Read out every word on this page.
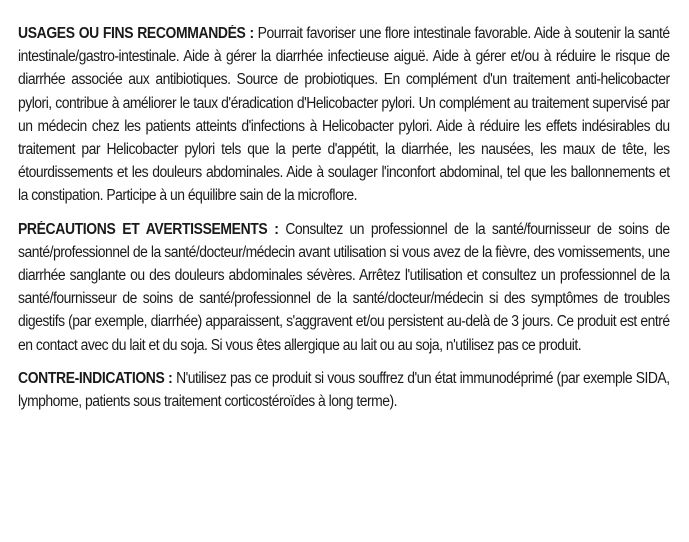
USAGES OU FINS RECOMMANDÉS : Pourrait favoriser une flore intestinale favorable. Aide à soutenir la santé intestinale/gastro-intestinale. Aide à gérer la diarrhée infectieuse aiguë. Aide à gérer et/ou à réduire le risque de diarrhée associée aux antibiotiques. Source de probiotiques. En complément d'un traitement anti-helicobacter pylori, contribue à améliorer le taux d'éradication d'Helicobacter pylori. Un complément au traitement supervisé par un médecin chez les patients atteints d'infections à Helicobacter pylori. Aide à réduire les effets indésirables du traitement par Helicobacter pylori tels que la perte d'appétit, la diarrhée, les nausées, les maux de tête, les étourdissements et les douleurs abdominales. Aide à soulager l'inconfort abdominal, tel que les ballonnements et la constipation. Participe à un équilibre sain de la microflore.

PRÉCAUTIONS ET AVERTISSEMENTS : Consultez un professionnel de la santé/fournisseur de soins de santé/professionnel de la santé/docteur/médecin avant utilisation si vous avez de la fièvre, des vomissements, une diarrhée sanglante ou des douleurs abdominales sévères. Arrêtez l'utilisation et consultez un professionnel de la santé/fournisseur de soins de santé/professionnel de la santé/docteur/médecin si des symptômes de troubles digestifs (par exemple, diarrhée) apparaissent, s'aggravent et/ou persistent au-delà de 3 jours. Ce produit est entré en contact avec du lait et du soja. Si vous êtes allergique au lait ou au soja, n'utilisez pas ce produit.

CONTRE-INDICATIONS : N'utilisez pas ce produit si vous souffrez d'un état immunodéprimé (par exemple SIDA, lymphome, patients sous traitement corticostéroïdes à long terme).
